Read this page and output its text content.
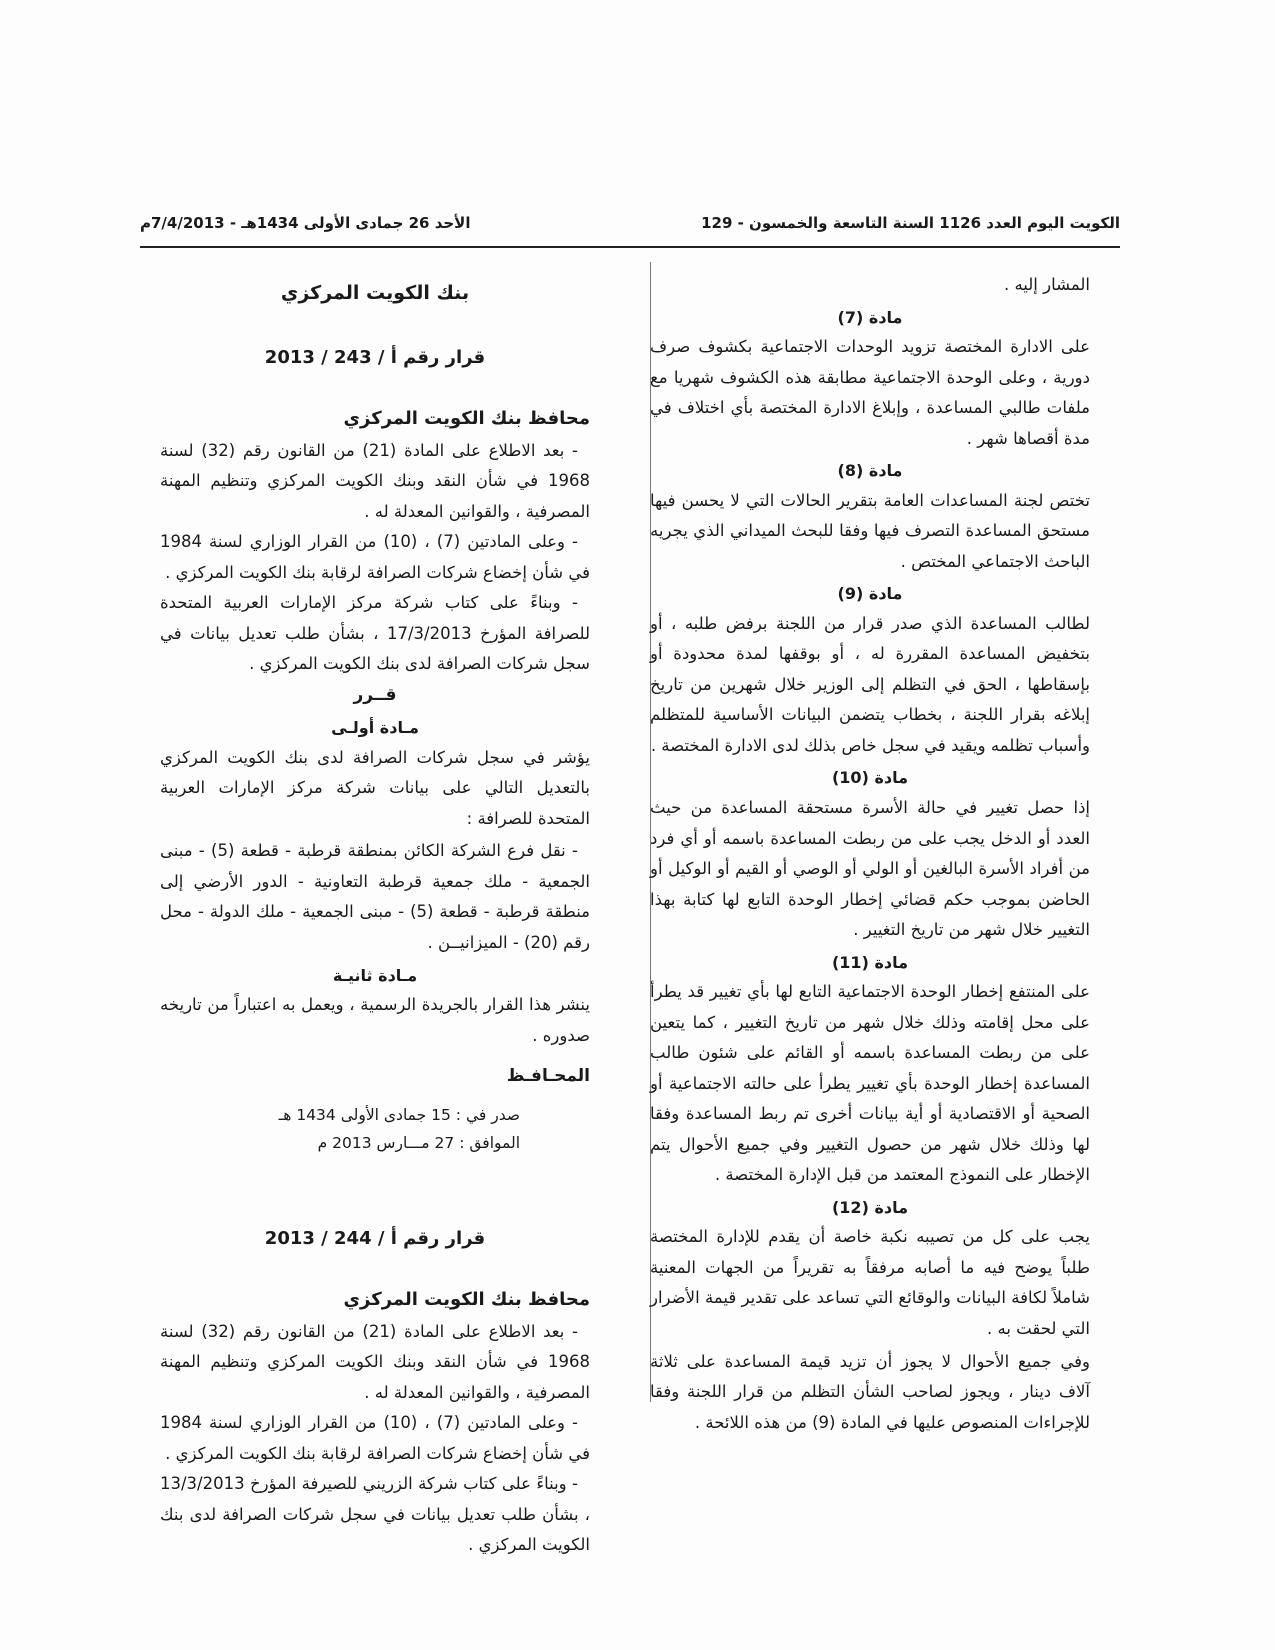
الكويت اليوم العدد 1126 السنة التاسعة والخمسون - 129
الأحد 26 جمادى الأولى 1434هـ - 7/4/2013م

المشار إليه .

مادة (7)

على الادارة المختصة تزويد الوحدات الاجتماعية بكشوف صرف دورية ، وعلى الوحدة الاجتماعية مطابقة هذه الكشوف شهريا مع ملفات طالبي المساعدة ، وإبلاغ الادارة المختصة بأي اختلاف في مدة أقصاها شهر .

مادة (8)

تختص لجنة المساعدات العامة بتقرير الحالات التي لا يحسن فيها مستحق المساعدة التصرف فيها وفقا للبحث الميداني الذي يجريه الباحث الاجتماعي المختص .

مادة (9)

لطالب المساعدة الذي صدر قرار من اللجنة برفض طلبه ، أو بتخفيض المساعدة المقررة له ، أو بوقفها لمدة محدودة أو بإسقاطها ، الحق في التظلم إلى الوزير خلال شهرين من تاريخ إبلاغه بقرار اللجنة ، بخطاب يتضمن البيانات الأساسية للمتظلم وأسباب تظلمه ويقيد في سجل خاص بذلك لدى الادارة المختصة .

مادة (10)

إذا حصل تغيير في حالة الأسرة مستحقة المساعدة من حيث العدد أو الدخل يجب على من ربطت المساعدة باسمه أو أي فرد من أفراد الأسرة البالغين أو الولي أو الوصي أو القيم أو الوكيل أو الحاضن بموجب حكم قضائي إخطار الوحدة التابع لها كتابة بهذا التغيير خلال شهر من تاريخ التغيير .

مادة (11)

على المنتفع إخطار الوحدة الاجتماعية التابع لها بأي تغيير قد يطرأ على محل إقامته وذلك خلال شهر من تاريخ التغيير ، كما يتعين على من ربطت المساعدة باسمه أو القائم على شئون طالب المساعدة إخطار الوحدة بأي تغيير يطرأ على حالته الاجتماعية أو الصحية أو الاقتصادية أو أية بيانات أخرى تم ربط المساعدة وفقا لها وذلك خلال شهر من حصول التغيير وفي جميع الأحوال يتم الإخطار على النموذج المعتمد من قبل الإدارة المختصة .

مادة (12)

يجب على كل من تصيبه نكبة خاصة أن يقدم للإدارة المختصة طلباً يوضح فيه ما أصابه مرفقاً به تقريراً من الجهات المعنية شاملاً لكافة البيانات والوقائع التي تساعد على تقدير قيمة الأضرار التي لحقت به .

وفي جميع الأحوال لا يجوز أن تزيد قيمة المساعدة على ثلاثة آلاف دينار ، ويجوز لصاحب الشأن التظلم من قرار اللجنة وفقا للإجراءات المنصوص عليها في المادة (9) من هذه اللائحة .

بنك الكويت المركزي

قرار رقم أ / 243 / 2013

محافظ بنك الكويت المركزي

- بعد الاطلاع على المادة (21) من القانون رقم (32) لسنة 1968 في شأن النقد وبنك الكويت المركزي وتنظيم المهنة المصرفية ، والقوانين المعدلة له .

- وعلى المادتين (7) ، (10) من القرار الوزاري لسنة 1984 في شأن إخضاع شركات الصرافة لرقابة بنك الكويت المركزي .

- وبناءً على كتاب شركة مركز الإمارات العربية المتحدة للصرافة المؤرخ 17/3/2013 ، بشأن طلب تعديل بيانات في سجل شركات الصرافة لدى بنك الكويت المركزي .

قــرر

مـادة أولـى

يؤشر في سجل شركات الصرافة لدى بنك الكويت المركزي بالتعديل التالي على بيانات شركة مركز الإمارات العربية المتحدة للصرافة :

- نقل فرع الشركة الكائن بمنطقة قرطبة - قطعة (5) - مبنى الجمعية - ملك جمعية قرطبة التعاونية - الدور الأرضي إلى منطقة قرطبة - قطعة (5) - مبنى الجمعية - ملك الدولة - محل رقم (20) - الميزانيــن .

مـادة ثانيـة

ينشر هذا القرار بالجريدة الرسمية ، ويعمل به اعتباراً من تاريخه صدوره .

المحـافـظ

صدر في : 15 جمادى الأولى 1434 هـ

الموافق : 27 مـــارس 2013 م

قرار رقم أ / 244 / 2013

محافظ بنك الكويت المركزي

- بعد الاطلاع على المادة (21) من القانون رقم (32) لسنة 1968 في شأن النقد وبنك الكويت المركزي وتنظيم المهنة المصرفية ، والقوانين المعدلة له .

- وعلى المادتين (7) ، (10) من القرار الوزاري لسنة 1984 في شأن إخضاع شركات الصرافة لرقابة بنك الكويت المركزي .

- وبناءً على كتاب شركة الزريني للصيرفة المؤرخ 13/3/2013 ، بشأن طلب تعديل بيانات في سجل شركات الصرافة لدى بنك الكويت المركزي .
